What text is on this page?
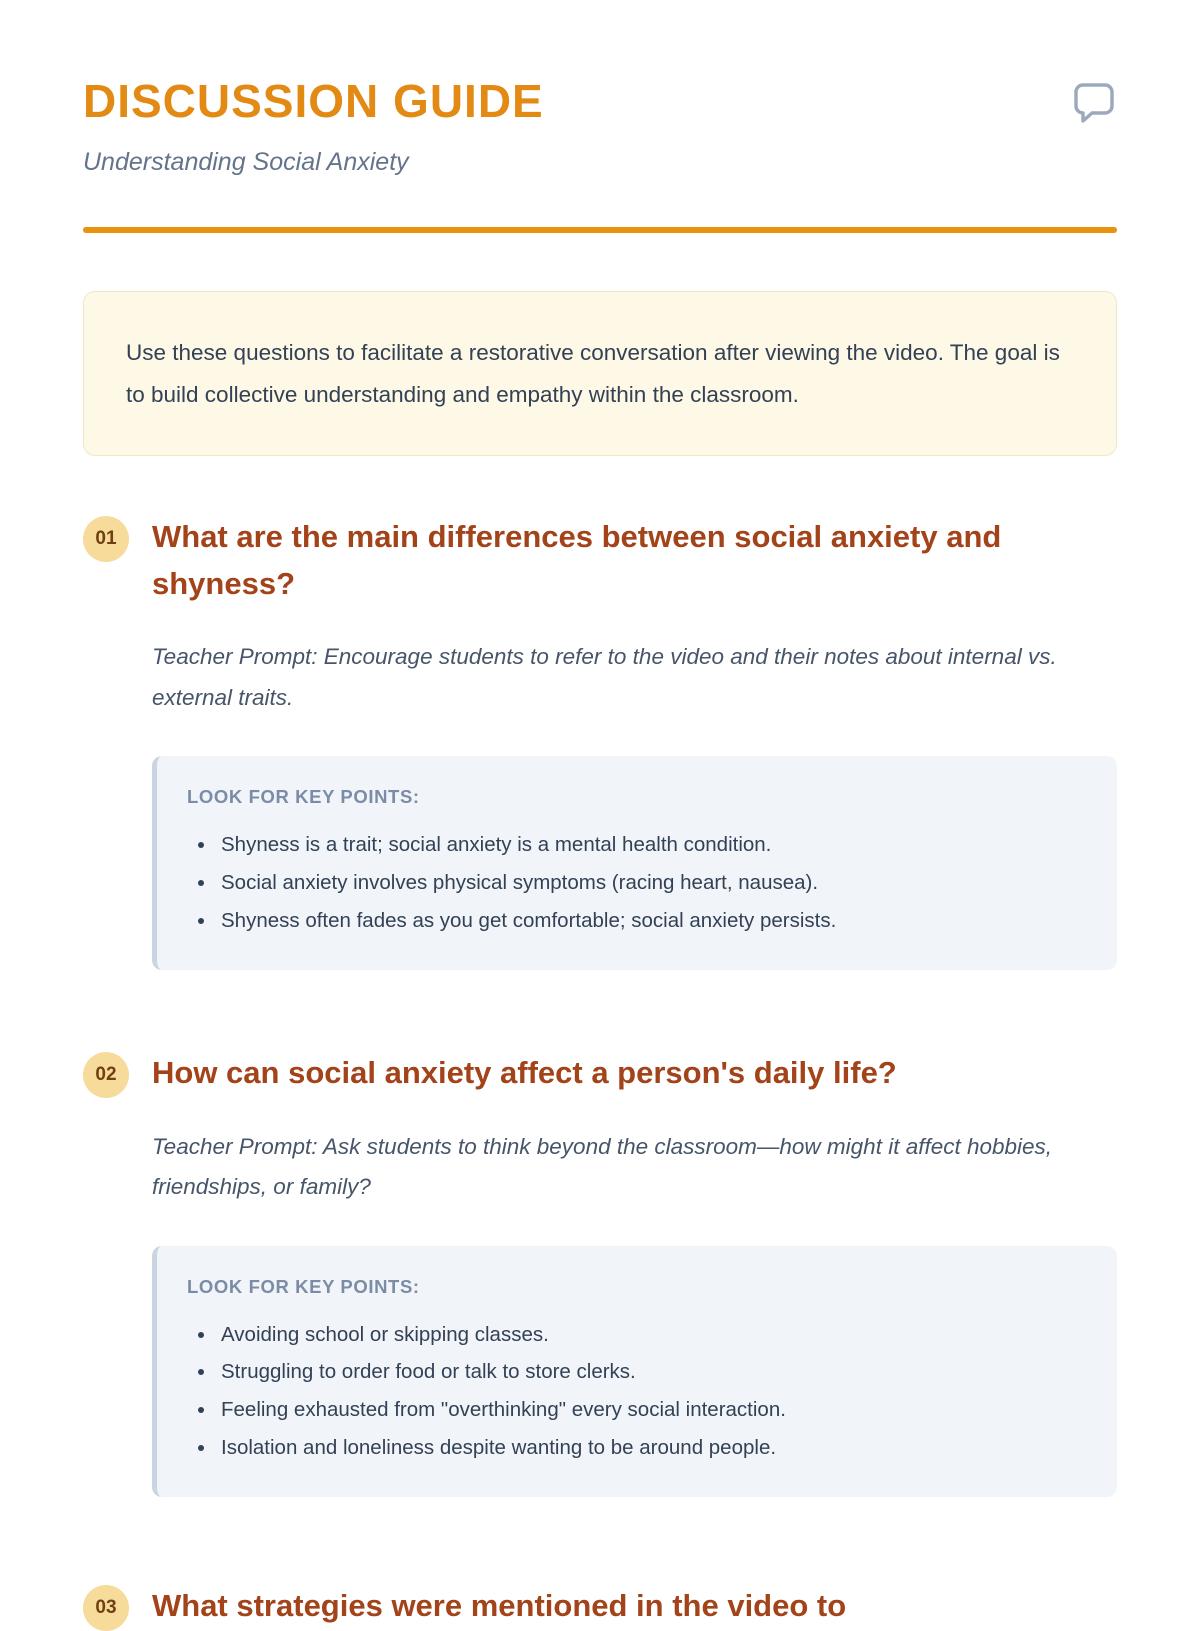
DISCUSSION GUIDE
Understanding Social Anxiety
Use these questions to facilitate a restorative conversation after viewing the video. The goal is to build collective understanding and empathy within the classroom.
01	What are the main differences between social anxiety and shyness?
Teacher Prompt: Encourage students to refer to the video and their notes about internal vs. external traits.
LOOK FOR KEY POINTS:
• Shyness is a trait; social anxiety is a mental health condition.
• Social anxiety involves physical symptoms (racing heart, nausea).
• Shyness often fades as you get comfortable; social anxiety persists.
02	How can social anxiety affect a person's daily life?
Teacher Prompt: Ask students to think beyond the classroom—how might it affect hobbies, friendships, or family?
LOOK FOR KEY POINTS:
• Avoiding school or skipping classes.
• Struggling to order food or talk to store clerks.
• Feeling exhausted from "overthinking" every social interaction.
• Isolation and loneliness despite wanting to be around people.
03	What strategies were mentioned in the video to
